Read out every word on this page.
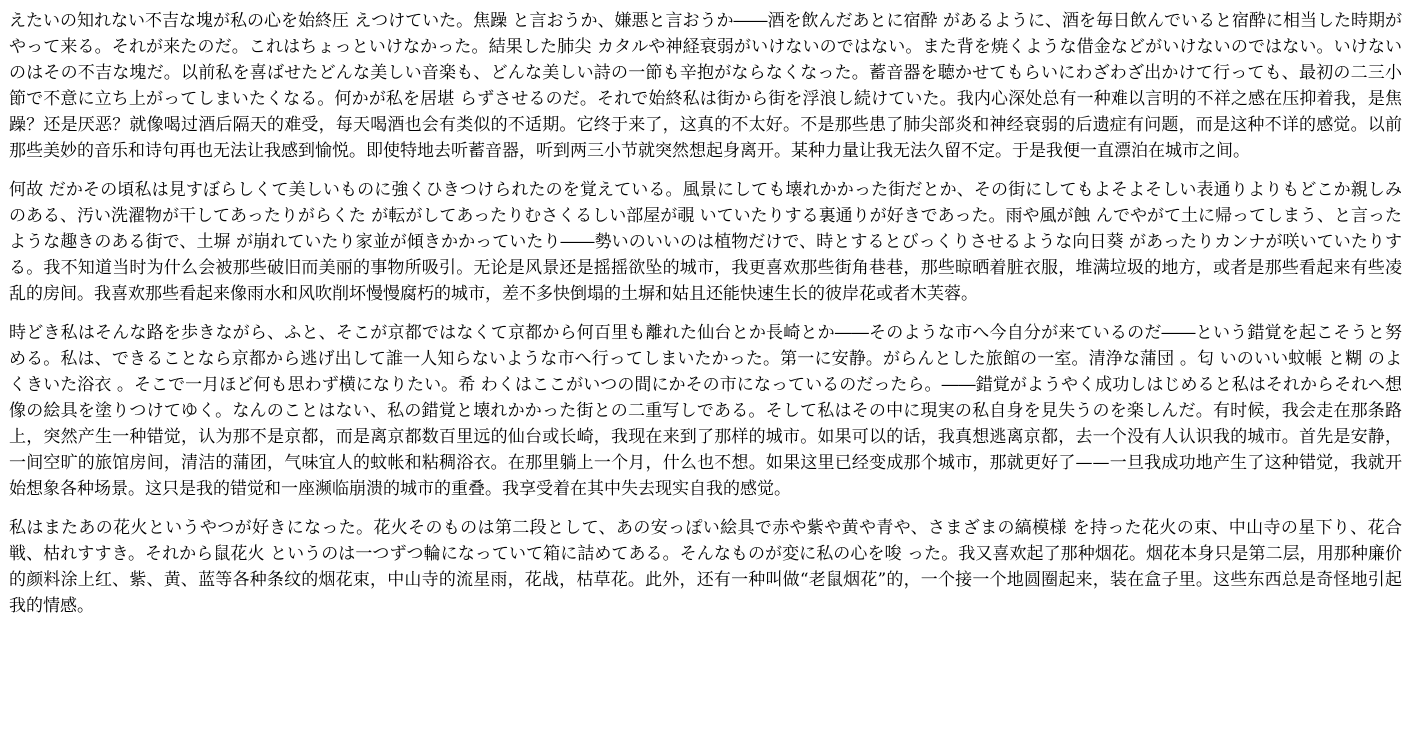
えたいの知れない不吉な塊が私の心を始終圧 えつけていた。焦躁 と言おうか、嫌悪と言おうか――酒を飲んだあとに宿酔 があるように、酒を毎日飲んでいると宿酔に相当した時期がやって来る。それが来たのだ。これはちょっといけなかった。結果した肺尖 カタルや神経衰弱がいけないのではない。また背を焼くような借金などがいけないのではない。いけないのはその不吉な塊だ。以前私を喜ばせたどんな美しい音楽も、どんな美しい詩の一節も辛抱がならなくなった。蓄音器を聴かせてもらいにわざわざ出かけて行っても、最初の二三小節で不意に立ち上がってしまいたくなる。何かが私を居堪 らずさせるのだ。それで始終私は街から街を浮浪し続けていた。我内心深处总有一种难以言明的不祥之感在压抑着我，是焦躁？还是厌恶？就像喝过酒后隔天的难受，每天喝酒也会有类似的不适期。它终于来了，这真的不太好。不是那些患了肺尖部炎和神经衰弱的后遗症有问题，而是这种不详的感觉。以前那些美妙的音乐和诗句再也无法让我感到愉悦。即使特地去听蓄音器，听到两三小节就突然想起身离开。某种力量让我无法久留不定。于是我便一直漂泊在城市之间。

何故 だかその頃私は見すぼらしくて美しいものに強くひきつけられたのを覚えている。風景にしても壊れかかった街だとか、その街にしてもよそよそしい表通りよりもどこか親しみのある、汚い洗濯物が干してあったりがらくた が転がしてあったりむさくるしい部屋が覗 いていたりする裏通りが好きであった。雨や風が蝕 んでやがて土に帰ってしまう、と言ったような趣きのある街で、土塀 が崩れていたり家並が傾きかかっていたり――勢いのいいのは植物だけで、時とするとびっくりさせるような向日葵 があったりカンナが咲いていたりする。我不知道当时为什么会被那些破旧而美丽的事物所吸引。无论是风景还是摇摇欲坠的城市，我更喜欢那些街角巷巷，那些晾晒着脏衣服，堆满垃圾的地方，或者是那些看起来有些凌乱的房间。我喜欢那些看起来像雨水和风吹削坏慢慢腐朽的城市，差不多快倒塌的土塀和姑且还能快速生长的彼岸花或者木芙蓉。

時どき私はそんな路を歩きながら、ふと、そこが京都ではなくて京都から何百里も離れた仙台とか長崎とか――そのような市へ今自分が来ているのだ――という錯覚を起こそうと努める。私は、できることなら京都から逃げ出して誰一人知らないような市へ行ってしまいたかった。第一に安静。がらんとした旅館の一室。清浄な蒲団 。匂 いのいい蚊帳 と糊 のよくきいた浴衣 。そこで一月ほど何も思わず横になりたい。希 わくはここがいつの間にかその市になっているのだったら。――錯覚がようやく成功しはじめると私はそれからそれへ想像の絵具を塗りつけてゆく。なんのことはない、私の錯覚と壊れかかった街との二重写しである。そして私はその中に現実の私自身を見失うのを楽しんだ。有时候，我会走在那条路上，突然产生一种错觉，认为那不是京都，而是离京都数百里远的仙台或长崎，我现在来到了那样的城市。如果可以的话，我真想逃离京都，去一个没有人认识我的城市。首先是安静，一间空旷的旅馆房间，清洁的蒲团，气味宜人的蚊帐和粘稠浴衣。在那里躺上一个月，什么也不想。如果这里已经变成那个城市，那就更好了——一旦我成功地产生了这种错觉，我就开始想象各种场景。这只是我的错觉和一座濒临崩溃的城市的重叠。我享受着在其中失去现实自我的感觉。

私はまたあの花火というやつが好きになった。花火そのものは第二段として、あの安っぽい絵具で赤や紫や黄や青や、さまざまの縞模様 を持った花火の束、中山寺の星下り、花合戦、枯れすすき。それから鼠花火 というのは一つずつ輪になっていて箱に詰めてある。そんなものが変に私の心を唆 った。我又喜欢起了那种烟花。烟花本身只是第二层，用那种廉价的颜料涂上红、紫、黄、蓝等各种条纹的烟花束，中山寺的流星雨，花战，枯草花。此外，还有一种叫做“老鼠烟花”的，一个接一个地圆圈起来，装在盒子里。这些东西总是奇怪地引起我的情感。
